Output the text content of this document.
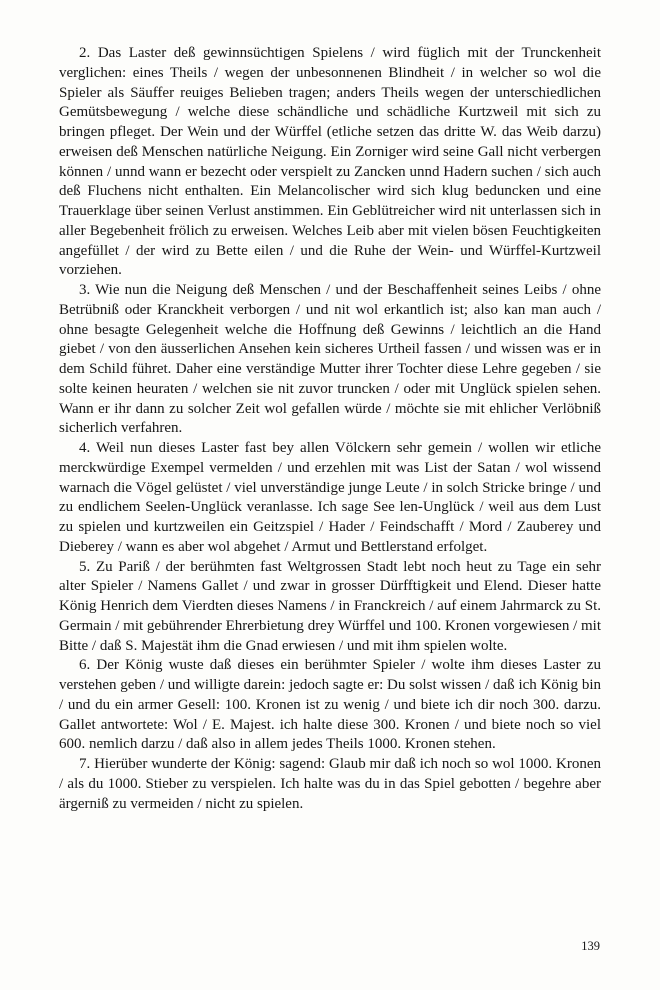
2. Das Laster deß gewinnsüchtigen Spielens / wird füglich mit der Trunckenheit verglichen: eines Theils / wegen der unbesonnenen Blindheit / in welcher so wol die Spieler als Säuffer reuiges Belieben tragen; anders Theils wegen der unterschiedlichen Gemütsbewegung / welche diese schändliche und schädliche Kurtzweil mit sich zu bringen pfleget. Der Wein und der Würffel (etliche setzen das dritte W. das Weib darzu) erweisen deß Menschen natürliche Neigung. Ein Zorniger wird seine Gall nicht verbergen können / unnd wann er bezecht oder verspielt zu Zancken unnd Hadern suchen / sich auch deß Fluchens nicht enthalten. Ein Melancolischer wird sich klug beduncken und eine Trauerklage über seinen Verlust anstimmen. Ein Geblütreicher wird nit unterlassen sich in aller Begebenheit frölich zu erweisen. Welches Leib aber mit vielen bösen Feuchtigkeiten angefüllet / der wird zu Bette eilen / und die Ruhe der Wein- und Würffel-Kurtzweil vorziehen.

3. Wie nun die Neigung deß Menschen / und der Beschaffenheit seines Leibs / ohne Betrübniß oder Kranckheit verborgen / und nit wol erkantlich ist; also kan man auch / ohne besagte Gelegenheit welche die Hoffnung deß Gewinns / leichtlich an die Hand giebet / von den äusserlichen Ansehen kein sicheres Urtheil fassen / und wissen was er in dem Schild führet. Daher eine verständige Mutter ihrer Tochter diese Lehre gegeben / sie solte keinen heuraten / welchen sie nit zuvor truncken / oder mit Unglück spielen sehen. Wann er ihr dann zu solcher Zeit wol gefallen würde / möchte sie mit ehlicher Verlöbniß sicherlich verfahren.

4. Weil nun dieses Laster fast bey allen Völckern sehr gemein / wollen wir etliche merckwürdige Exempel vermelden / und erzehlen mit was List der Satan / wol wissend warnach die Vögel gelüstet / viel unverständige junge Leute / in solch Stricke bringe / und zu endlichem Seelen-Unglück veranlasse. Ich sage See len-Unglück / weil aus dem Lust zu spielen und kurtzweilen ein Geitzspiel / Hader / Feindschafft / Mord / Zauberey und Dieberey / wann es aber wol abgehet / Armut und Bettlerstand erfolget.

5. Zu Pariß / der berühmten fast Weltgrossen Stadt lebt noch heut zu Tage ein sehr alter Spieler / Namens Gallet / und zwar in grosser Dürfftigkeit und Elend. Dieser hatte König Henrich dem Vierdten dieses Namens / in Franckreich / auf einem Jahrmarck zu St. Germain / mit gebührender Ehrerbietung drey Würffel und 100. Kronen vorgewiesen / mit Bitte / daß S. Majestät ihm die Gnad erwiesen / und mit ihm spielen wolte.

6. Der König wuste daß dieses ein berühmter Spieler / wolte ihm dieses Laster zu verstehen geben / und willigte darein: jedoch sagte er: Du solst wissen / daß ich König bin / und du ein armer Gesell: 100. Kronen ist zu wenig / und biete ich dir noch 300. darzu. Gallet antwortete: Wol / E. Majest. ich halte diese 300. Kronen / und biete noch so viel 600. nemlich darzu / daß also in allem jedes Theils 1000. Kronen stehen.

7. Hierüber wunderte der König: sagend: Glaub mir daß ich noch so wol 1000. Kronen / als du 1000. Stieber zu verspielen. Ich halte was du in das Spiel gebotten / begehre aber ärgerniß zu vermeiden / nicht zu spielen.

139
